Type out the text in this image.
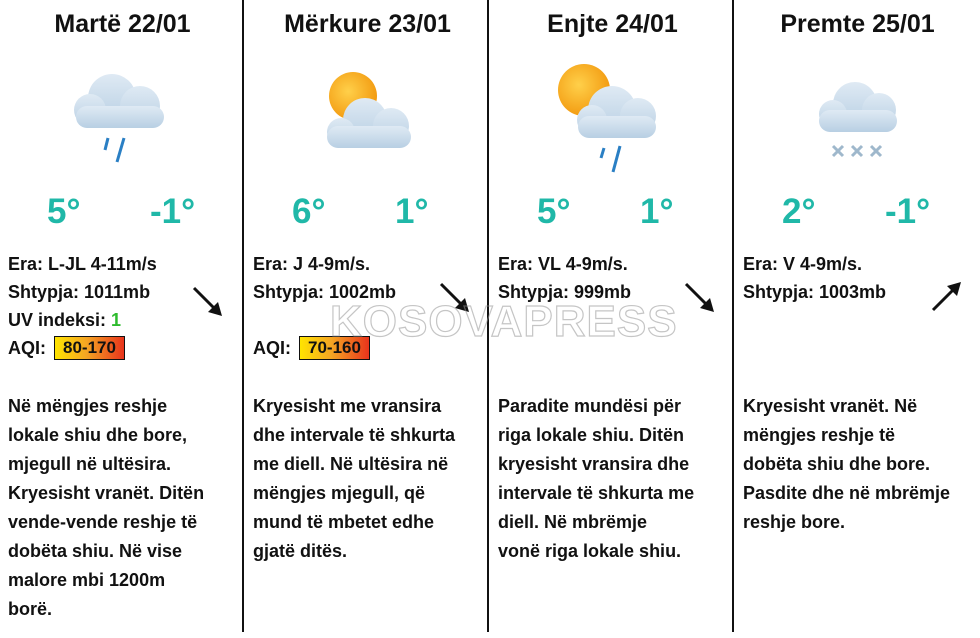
Martë 22/01
5° -1°
Era: L-JL 4-11m/s
Shtypja: 1011mb
UV indeksi: 1
AQI:	80-170
Në mëngjes reshje
lokale shiu dhe bore,
mjegull në ultësira.
Kryesisht vranët. Ditën
vende-vende reshje të
dobëta shiu. Në vise
malore mbi 1200m
borë.
Mërkure 23/01
6° 1°
Era: J 4-9m/s.
Shtypja: 1002mb
AQI:	70-160
Kryesisht me vransira
dhe intervale të shkurta
me diell. Në ultësira në
mëngjes mjegull, që
mund të mbetet edhe
gjatë ditës.
Enjte 24/01
5° 1°
Era: VL 4-9m/s.
Shtypja: 999mb
Paradite mundësi për
riga lokale shiu. Ditën
kryesisht vransira dhe
intervale të shkurta me
diell. Në mbrëmje
vonë riga lokale shiu.
Premte 25/01
2° -1°
Era: V 4-9m/s.
Shtypja: 1003mb
Kryesisht vranët. Në
mëngjes reshje të
dobëta shiu dhe bore.
Pasdite dhe në mbrëmje
reshje bore.
KOSOVAPRESS
